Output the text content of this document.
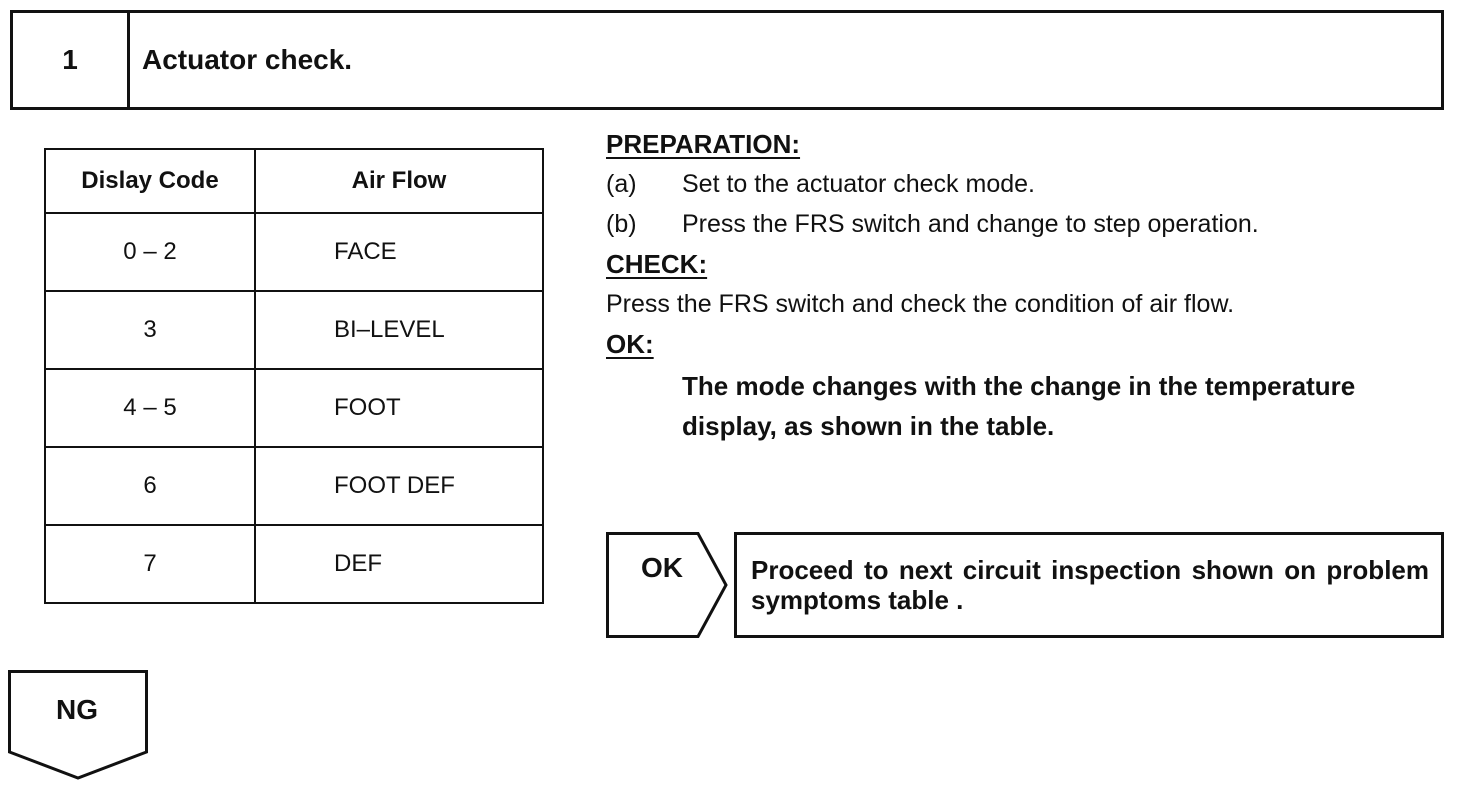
1	Actuator check.
Dislay Code	Air Flow
0 – 2	FACE
3	BI–LEVEL
4 – 5	FOOT
6	FOOT DEF
7	DEF
PREPARATION:
(a)	Set to the actuator check mode.
(b)	Press the FRS switch and change to step operation.
CHECK:
Press the FRS switch and check the condition of air flow.
OK:
The mode changes with the change in the temperature display, as shown in the table.
OK	Proceed to next circuit inspection shown on problem symptoms table .
NG
